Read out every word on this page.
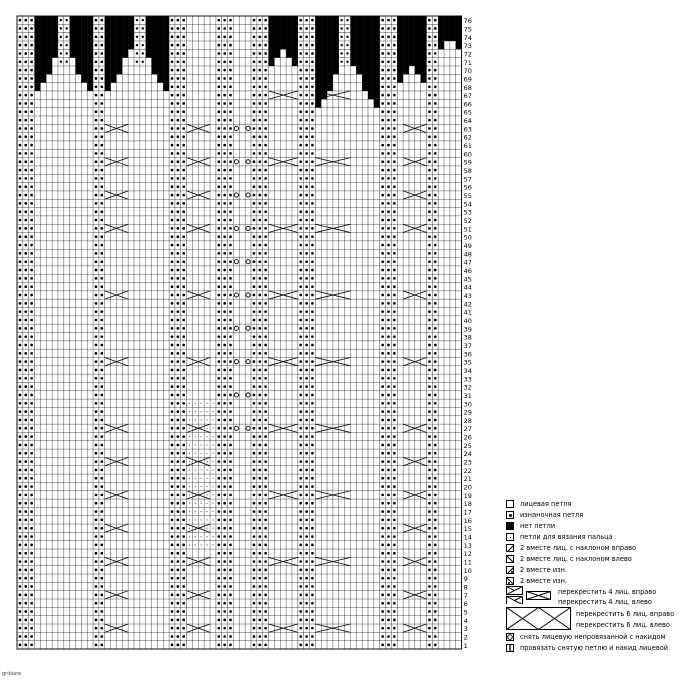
1
2
3
4
5
6
7
8
9
10
11
12
13
14
15
16
17
18
19
20
21
22
23
24
25
26
27
28
29
30
31
32
33
34
35
36
37
38
39
40
41
42
43
44
45
46
47
48
49
50
51
52
53
54
55
56
57
58
59
60
61
62
63
64
65
66
67
68
69
70
71
72
73
74
75
76
лицевая петля
изнаночная петля
нет петли
петли для вязания пальца
2 вместе лиц. с наклоном вправо
2 вместе лиц. с наклоном влево
2 вместе изн.
2 вместе изн.
перекрестить 4 лиц. вправо
перекрестить 4 лиц. влево
перекрестить 6 лиц. вправо
перекрестить 6 лиц. влево
снять лицевую непровязанной с накидом
провязать снятую петлю и накид лицевой
gribiare
